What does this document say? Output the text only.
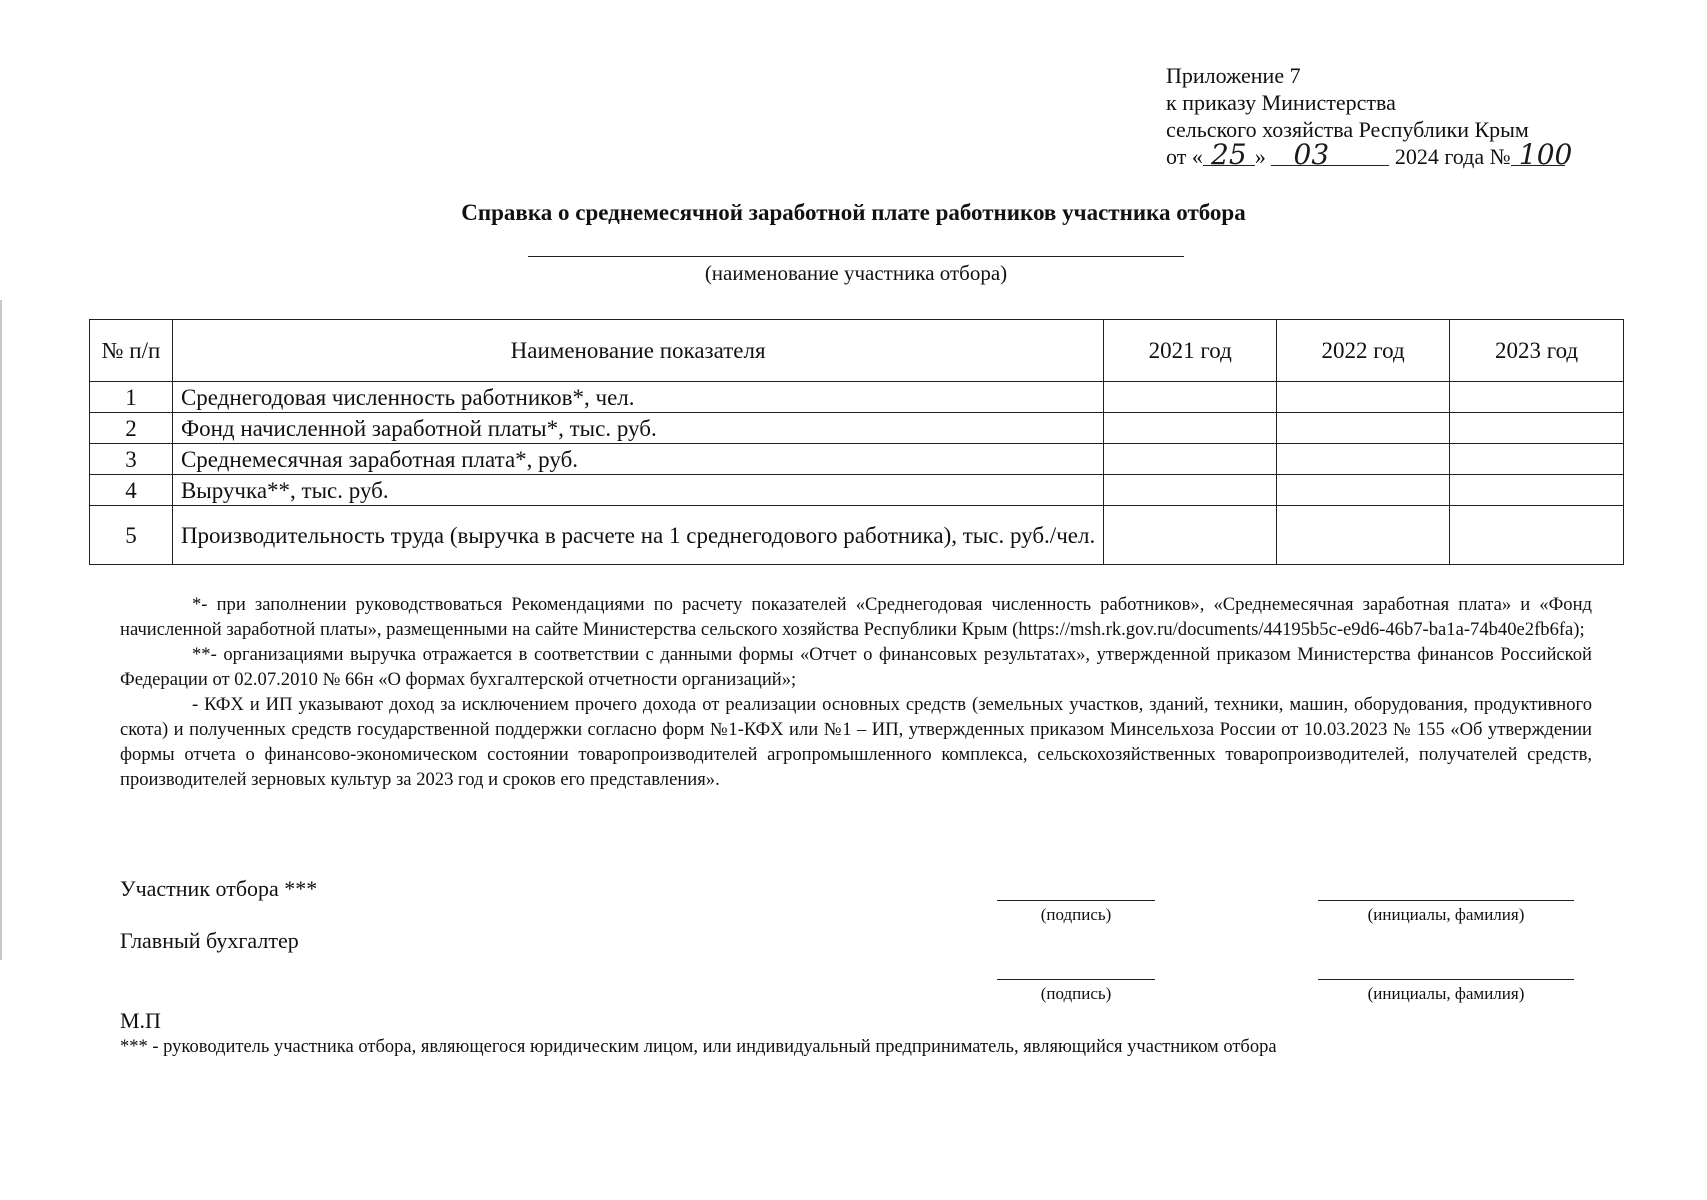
Приложение 7
к приказу Министерства
сельского хозяйства Республики Крым
от « 25 » 03	2024 года № 100
Справка о среднемесячной заработной плате работников участника отбора
(наименование участника отбора)
№ п/п	Наименование показателя	2021 год	2022 год	2023 год
1	Среднегодовая численность работников*, чел.			
2	Фонд начисленной заработной платы*, тыс. руб.			
3	Среднемесячная заработная плата*, руб.			
4	Выручка**, тыс. руб.			
5	Производительность труда (выручка в расчете на 1 среднегодового работника), тыс. руб./чел.			

*- при заполнении руководствоваться Рекомендациями по расчету показателей «Среднегодовая численность работников», «Среднемесячная заработная плата» и «Фонд начисленной заработной платы», размещенными на сайте Министерства сельского хозяйства Республики Крым (https://msh.rk.gov.ru/documents/44195b5c-e9d6-46b7-ba1a-74b40e2fb6fa);

**- организациями выручка отражается в соответствии с данными формы «Отчет о финансовых результатах», утвержденной приказом Министерства финансов Российской Федерации от 02.07.2010 № 66н «О формах бухгалтерской отчетности организаций»;

- КФХ и ИП указывают доход за исключением прочего дохода от реализации основных средств (земельных участков, зданий, техники, машин, оборудования, продуктивного скота) и полученных средств государственной поддержки согласно форм №1-КФХ или №1 – ИП, утвержденных приказом Минсельхоза России от 10.03.2023 № 155 «Об утверждении формы отчета о финансово-экономическом состоянии товаропроизводителей агропромышленного комплекса, сельскохозяйственных товаропроизводителей, получателей средств, производителей зерновых культур за 2023 год и сроков его представления».

Участник отбора ***
(подпись)	(инициалы, фамилия)
Главный бухгалтер
(подпись)	(инициалы, фамилия)
М.П
*** - руководитель участника отбора, являющегося юридическим лицом, или индивидуальный предприниматель, являющийся участником отбора
